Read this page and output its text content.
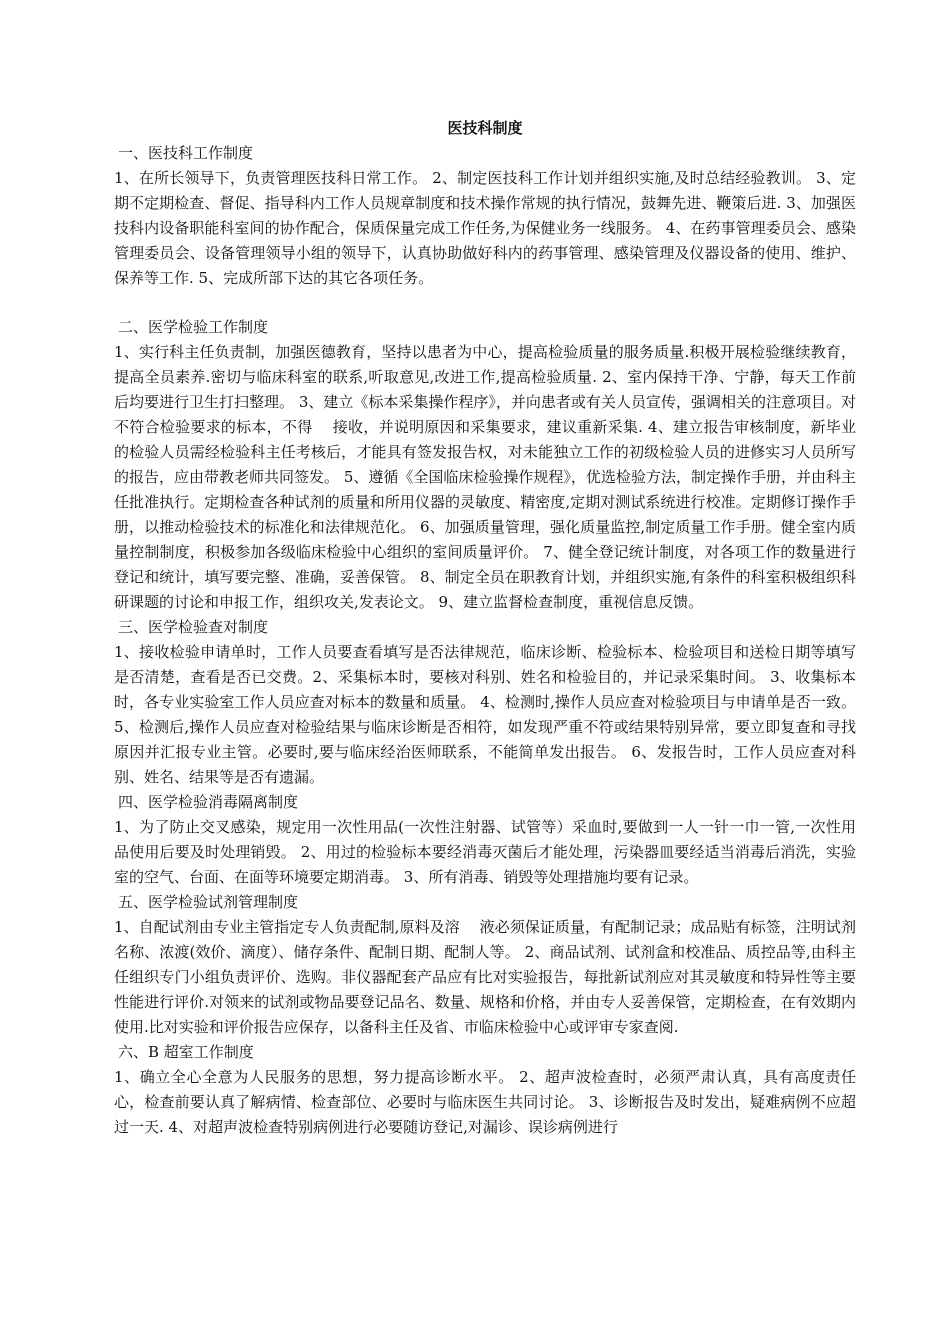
医技科制度

一、医技科工作制度

1、在所长领导下，负责管理医技科日常工作。 2、制定医技科工作计划并组织实施,及时总结经验教训。 3、定期不定期检查、督促、指导科内工作人员规章制度和技术操作常规的执行情况，鼓舞先进、鞭策后进. 3、加强医技科内设备职能科室间的协作配合，保质保量完成工作任务,为保健业务一线服务。 4、在药事管理委员会、感染管理委员会、设备管理领导小组的领导下，认真协助做好科内的药事管理、感染管理及仪器设备的使用、维护、保养等工作. 5、完成所部下达的其它各项任务。

二、医学检验工作制度

1、实行科主任负责制，加强医德教育，坚持以患者为中心，提高检验质量的服务质量.积极开展检验继续教育，提高全员素养.密切与临床科室的联系,听取意见,改进工作,提高检验质量. 2、室内保持干净、宁静，每天工作前后均要进行卫生打扫整理。 3、建立《标本采集操作程序》，并向患者或有关人员宣传，强调相关的注意项目。对不符合检验要求的标本，不得　 接收，并说明原因和采集要求，建议重新采集. 4、建立报告审核制度，新毕业的检验人员需经检验科主任考核后，才能具有签发报告权，对未能独立工作的初级检验人员的进修实习人员所写的报告，应由带教老师共同签发。 5、遵循《全国临床检验操作规程》，优选检验方法，制定操作手册，并由科主任批准执行。定期检查各种试剂的质量和所用仪器的灵敏度、精密度,定期对测试系统进行校准。定期修订操作手册，以推动检验技术的标准化和法律规范化。 6、加强质量管理，强化质量监控,制定质量工作手册。健全室内质量控制制度，积极参加各级临床检验中心组织的室间质量评价。 7、健全登记统计制度，对各项工作的数量进行登记和统计，填写要完整、准确，妥善保管。 8、制定全员在职教育计划，并组织实施,有条件的科室积极组织科研课题的讨论和申报工作，组织攻关,发表论文。 9、建立监督检查制度，重视信息反馈。

三、医学检验查对制度

1、接收检验申请单时，工作人员要查看填写是否法律规范，临床诊断、检验标本、检验项目和送检日期等填写是否清楚，查看是否已交费。2、采集标本时，要核对科别、姓名和检验目的，并记录采集时间。 3、收集标本时，各专业实验室工作人员应查对标本的数量和质量。 4、检测时,操作人员应查对检验项目与申请单是否一致。 5、检测后,操作人员应查对检验结果与临床诊断是否相符，如发现严重不符或结果特别异常，要立即复查和寻找原因并汇报专业主管。必要时,要与临床经治医师联系，不能简单发出报告。 6、发报告时，工作人员应查对科别、姓名、结果等是否有遗漏。

四、医学检验消毒隔离制度

1、为了防止交叉感染，规定用一次性用品(一次性注射器、试管等）采血时,要做到一人一针一巾一管,一次性用品使用后要及时处理销毁。 2、用过的检验标本要经消毒灭菌后才能处理，污染器皿要经适当消毒后消洗，实验室的空气、台面、在面等环境要定期消毒。 3、所有消毒、销毁等处理措施均要有记录。

五、医学检验试剂管理制度

1、自配试剂由专业主管指定专人负责配制,原料及溶　 液必须保证质量，有配制记录；成品贴有标签，注明试剂名称、浓渡(效价、滴度）、储存条件、配制日期、配制人等。 2、商品试剂、试剂盒和校准品、质控品等,由科主任组织专门小组负责评价、选购。非仪器配套产品应有比对实验报告，每批新试剂应对其灵敏度和特异性等主要性能进行评价.对领来的试剂或物品要登记品名、数量、规格和价格，并由专人妥善保管，定期检查，在有效期内使用.比对实验和评价报告应保存，以备科主任及省、市临床检验中心或评审专家查阅.

六、B 超室工作制度

1、确立全心全意为人民服务的思想，努力提高诊断水平。 2、超声波检查时，必须严肃认真，具有高度责任心，检查前要认真了解病情、检查部位、必要时与临床医生共同讨论。 3、诊断报告及时发出，疑难病例不应超过一天. 4、对超声波检查特别病例进行必要随访登记,对漏诊、误诊病例进行
